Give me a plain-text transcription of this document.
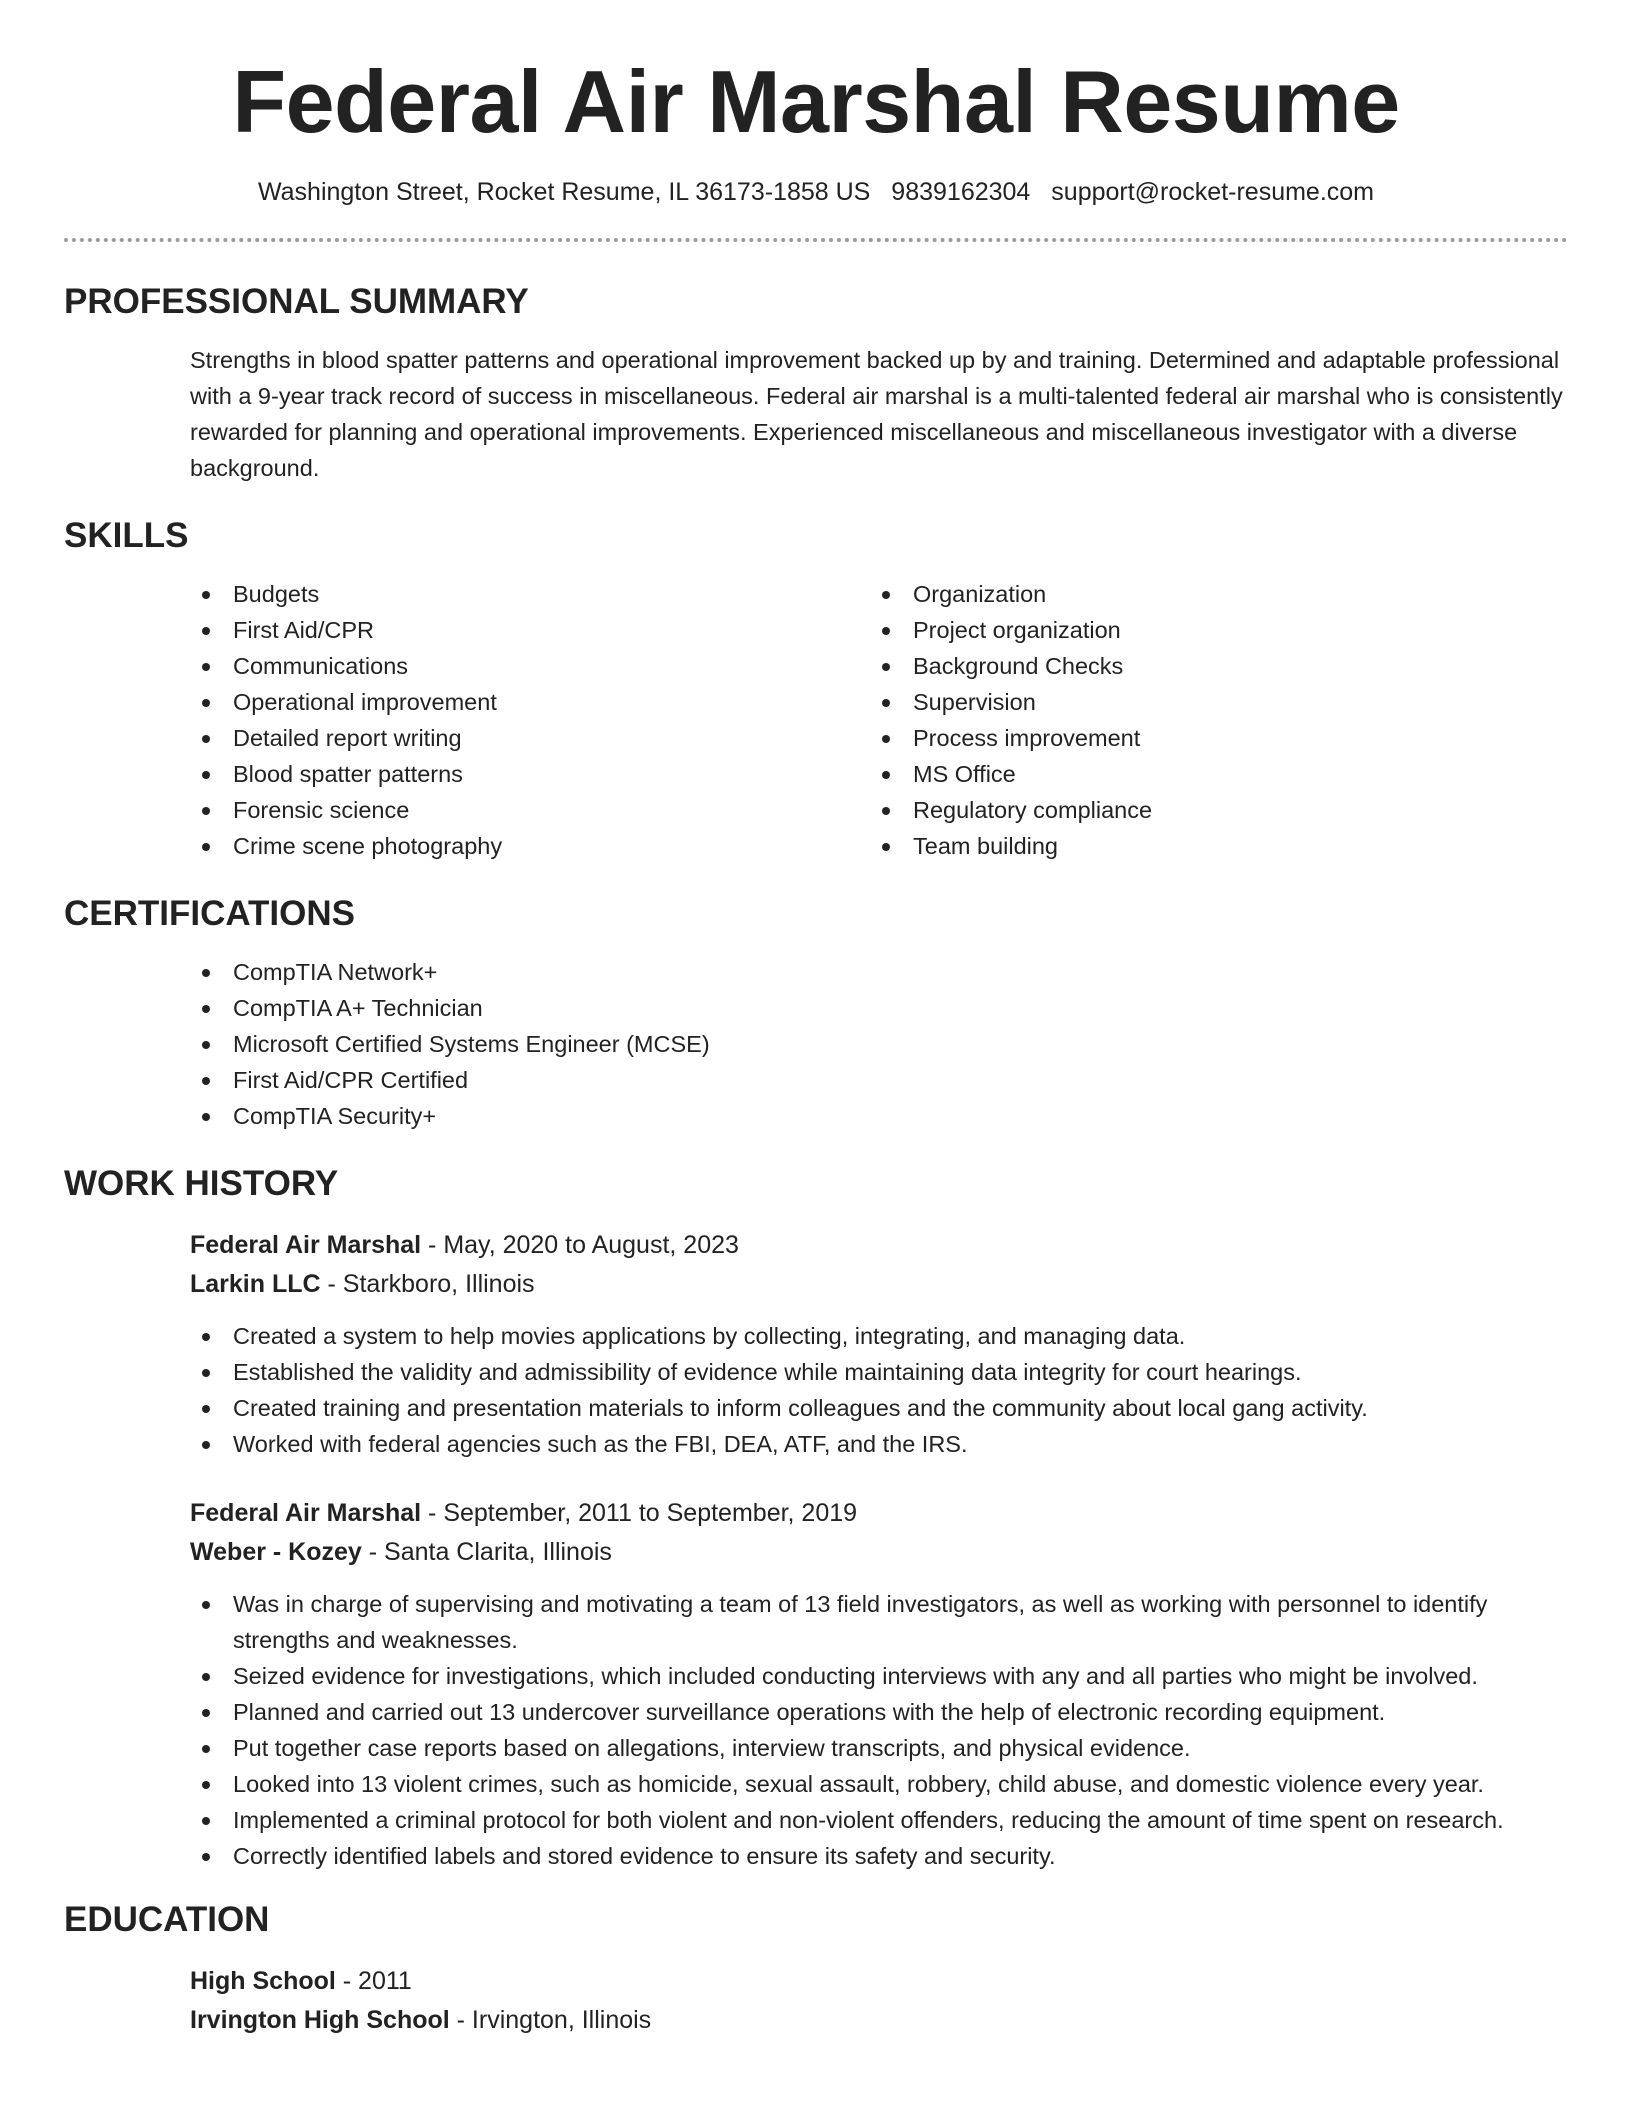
Federal Air Marshal Resume
Washington Street, Rocket Resume, IL 36173-1858 US 9839162304 support@rocket-resume.com
PROFESSIONAL SUMMARY

Strengths in blood spatter patterns and operational improvement backed up by and training. Determined and adaptable professional with a 9-year track record of success in miscellaneous. Federal air marshal is a multi-talented federal air marshal who is consistently rewarded for planning and operational improvements. Experienced miscellaneous and miscellaneous investigator with a diverse background.

SKILLS
Budgets
First Aid/CPR
Communications
Operational improvement
Detailed report writing
Blood spatter patterns
Forensic science
Crime scene photography
Organization
Project organization
Background Checks
Supervision
Process improvement
MS Office
Regulatory compliance
Team building
CERTIFICATIONS
CompTIA Network+
CompTIA A+ Technician
Microsoft Certified Systems Engineer (MCSE)
First Aid/CPR Certified
CompTIA Security+
WORK HISTORY
Federal Air Marshal - May, 2020 to August, 2023
Larkin LLC - Starkboro, Illinois
Created a system to help movies applications by collecting, integrating, and managing data.
Established the validity and admissibility of evidence while maintaining data integrity for court hearings.
Created training and presentation materials to inform colleagues and the community about local gang activity.
Worked with federal agencies such as the FBI, DEA, ATF, and the IRS.
Federal Air Marshal - September, 2011 to September, 2019
Weber - Kozey - Santa Clarita, Illinois
Was in charge of supervising and motivating a team of 13 field investigators, as well as working with personnel to identify strengths and weaknesses.
Seized evidence for investigations, which included conducting interviews with any and all parties who might be involved.
Planned and carried out 13 undercover surveillance operations with the help of electronic recording equipment.
Put together case reports based on allegations, interview transcripts, and physical evidence.
Looked into 13 violent crimes, such as homicide, sexual assault, robbery, child abuse, and domestic violence every year.
Implemented a criminal protocol for both violent and non-violent offenders, reducing the amount of time spent on research.
Correctly identified labels and stored evidence to ensure its safety and security.
EDUCATION
High School - 2011
Irvington High School - Irvington, Illinois
